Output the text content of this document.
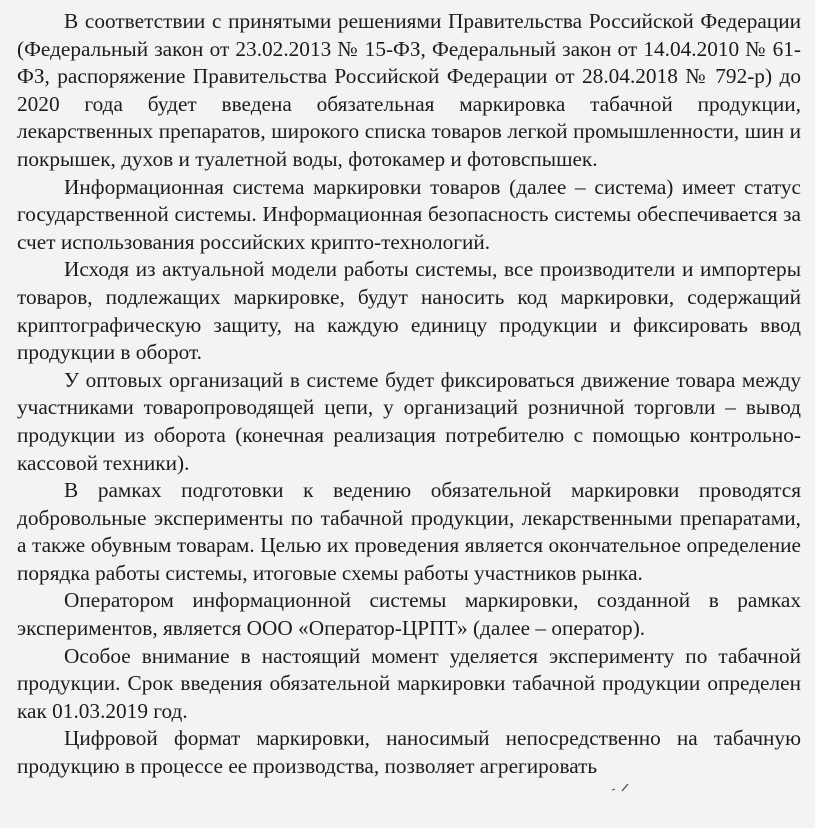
В соответствии с принятыми решениями Правительства Российской Федерации (Федеральный закон от 23.02.2013 № 15-ФЗ, Федеральный закон от 14.04.2010 № 61-ФЗ, распоряжение Правительства Российской Федерации от 28.04.2018 № 792-р) до 2020 года будет введена обязательная маркировка табачной продукции, лекарственных препаратов, широкого списка товаров легкой промышленности, шин и покрышек, духов и туалетной воды, фотокамер и фотовспышек.

Информационная система маркировки товаров (далее – система) имеет статус государственной системы. Информационная безопасность системы обеспечивается за счет использования российских крипто-технологий.

Исходя из актуальной модели работы системы, все производители и импортеры товаров, подлежащих маркировке, будут наносить код маркировки, содержащий криптографическую защиту, на каждую единицу продукции и фиксировать ввод продукции в оборот.

У оптовых организаций в системе будет фиксироваться движение товара между участниками товаропроводящей цепи, у организаций розничной торговли – вывод продукции из оборота (конечная реализация потребителю с помощью контрольно-кассовой техники).

В рамках подготовки к ведению обязательной маркировки проводятся добровольные эксперименты по табачной продукции, лекарственными препаратами, а также обувным товарам. Целью их проведения является окончательное определение порядка работы системы, итоговые схемы работы участников рынка.

Оператором информационной системы маркировки, созданной в рамках экспериментов, является ООО «Оператор-ЦРПТ» (далее – оператор).

Особое внимание в настоящий момент уделяется эксперименту по табачной продукции. Срок введения обязательной маркировки табачной продукции определен как 01.03.2019 год.

Цифровой формат маркировки, наносимый непосредственно на табачную продукцию в процессе ее производства, позволяет агрегировать
